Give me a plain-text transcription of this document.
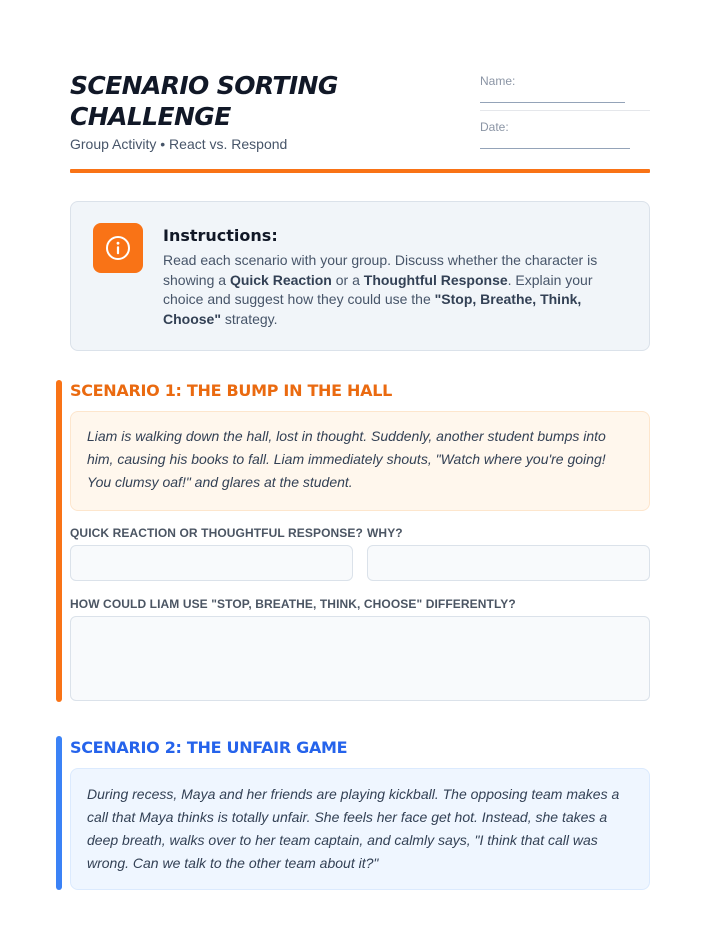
SCENARIO SORTING CHALLENGE
Group Activity • React vs. Respond
Name:
Date:
Instructions:
Read each scenario with your group. Discuss whether the character is showing a Quick Reaction or a Thoughtful Response. Explain your choice and suggest how they could use the "Stop, Breathe, Think, Choose" strategy.
SCENARIO 1: THE BUMP IN THE HALL
Liam is walking down the hall, lost in thought. Suddenly, another student bumps into him, causing his books to fall. Liam immediately shouts, "Watch where you're going! You clumsy oaf!" and glares at the student.
QUICK REACTION OR THOUGHTFUL RESPONSE? WHY?
HOW COULD LIAM USE "STOP, BREATHE, THINK, CHOOSE" DIFFERENTLY?
SCENARIO 2: THE UNFAIR GAME
During recess, Maya and her friends are playing kickball. The opposing team makes a call that Maya thinks is totally unfair. She feels her face get hot. Instead, she takes a deep breath, walks over to her team captain, and calmly says, "I think that call was wrong. Can we talk to the other team about it?"
